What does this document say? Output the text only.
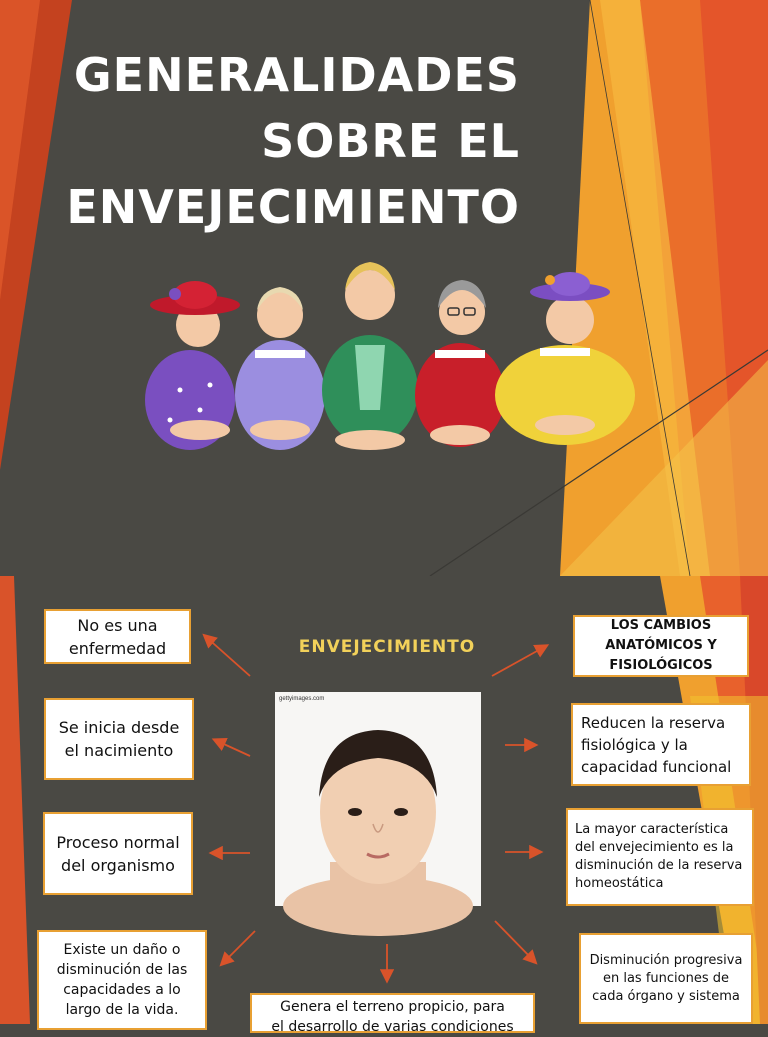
GENERALIDADES
SOBRE EL
ENVEJECIMIENTO
ENVEJECIMIENTO
gettyimages.com
No es una
enfermedad
Se inicia desde
el nacimiento
Proceso normal
del organismo
Existe un daño o
disminución de las
capacidades a lo
largo de la vida.
LOS CAMBIOS
ANATÓMICOS Y
FISIOLÓGICOS
Reducen la reserva
fisiológica y la
capacidad funcional
La mayor característica
del envejecimiento es la
disminución de la reserva
homeostática
Disminución progresiva
en las funciones de
cada órgano y sistema
Genera el terreno propicio, para
el desarrollo de varias condiciones
